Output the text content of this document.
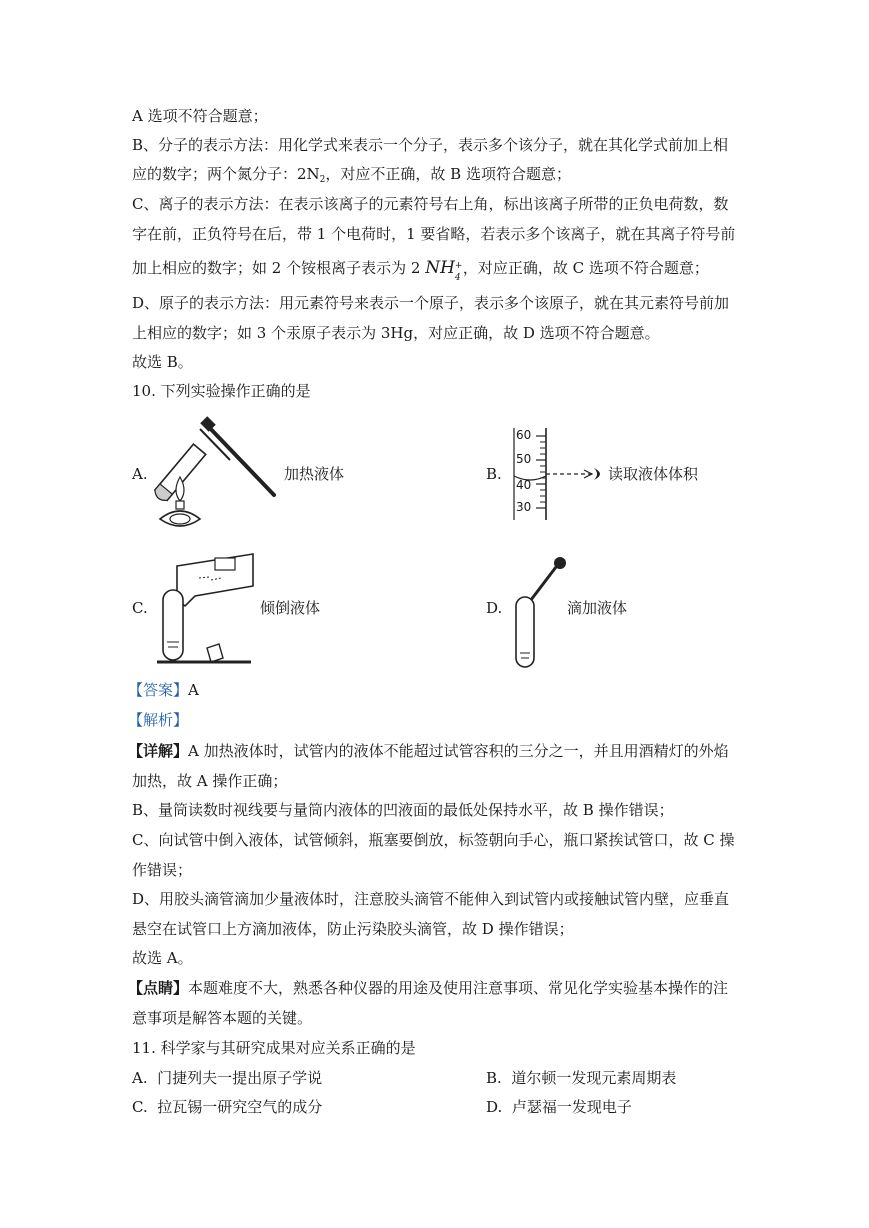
A 选项不符合题意；
B、分子的表示方法：用化学式来表示一个分子，表示多个该分子，就在其化学式前加上相
应的数字；两个氮分子：$2N_2$，对应不正确，故 B 选项符合题意；
C、离子的表示方法：在表示该离子的元素符号右上角，标出该离子所带的正负电荷数，数
字在前，正负符号在后，带 1 个电荷时，1 要省略，若表示多个该离子，就在其离子符号前
加上相应的数字；如 2 个铵根离子表示为 2 NH +
4
，对应正确，故 C 选项不符合题意；
D、原子的表示方法：用元素符号来表示一个原子，表示多个该原子，就在其元素符号前加
上相应的数字；如 3 个汞原子表示为 3Hg，对应正确，故 D 选项不符合题意。
故选 B。
10. 下列实验操作正确的是
A.	加热液体	B.
60
50
40
30
读取液体体积
C.	倾倒液体	D.	滴加液体
【答案】A
【解析】
【详解】A 加热液体时，试管内的液体不能超过试管容积的三分之一，并且用酒精灯的外焰
加热，故 A 操作正确；
B、量筒读数时视线要与量筒内液体的凹液面的最低处保持水平，故 B 操作错误；
C、向试管中倒入液体，试管倾斜，瓶塞要倒放，标签朝向手心，瓶口紧挨试管口，故 C 操
作错误；
D、用胶头滴管滴加少量液体时，注意胶头滴管不能伸入到试管内或接触试管内壁，应垂直
悬空在试管口上方滴加液体，防止污染胶头滴管，故 D 操作错误；
故选 A。
【点睛】本题难度不大，熟悉各种仪器的用途及使用注意事项、常见化学实验基本操作的注
意事项是解答本题的关键。
11. 科学家与其研究成果对应关系正确的是
A. 门捷列夫一提出原子学说	B. 道尔顿一发现元素周期表
C. 拉瓦锡一研究空气的成分	D. 卢瑟福一发现电子
